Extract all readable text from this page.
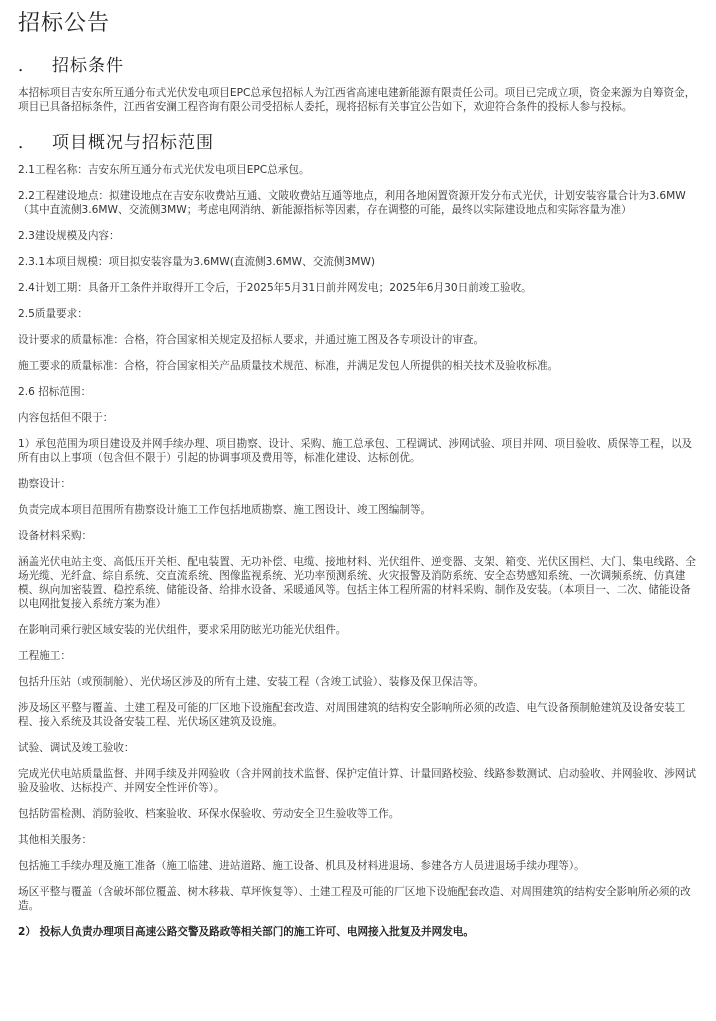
招标公告
． 招标条件

本招标项目吉安东所互通分布式光伏发电项目EPC总承包招标人为江西省高速电建新能源有限责任公司。项目已完成立项，资金来源为自筹资金，项目已具备招标条件，江西省安澜工程咨询有限公司受招标人委托，现将招标有关事宜公告如下，欢迎符合条件的投标人参与投标。

． 项目概况与招标范围

2.1工程名称：吉安东所互通分布式光伏发电项目EPC总承包。

2.2工程建设地点：拟建设地点在吉安东收费站互通、文陂收费站互通等地点，利用各地闲置资源开发分布式光伏，计划安装容量合计为3.6MW（其中直流侧3.6MW、交流侧3MW；考虑电网消纳、新能源指标等因素，存在调整的可能，最终以实际建设地点和实际容量为准）

2.3建设规模及内容：

2.3.1本项目规模：项目拟安装容量为3.6MW(直流侧3.6MW、交流侧3MW)

2.4计划工期：具备开工条件并取得开工令后，于2025年5月31日前并网发电；2025年6月30日前竣工验收。

2.5质量要求：

设计要求的质量标准：合格，符合国家相关规定及招标人要求，并通过施工图及各专项设计的审查。

施工要求的质量标准：合格，符合国家相关产品质量技术规范、标准，并满足发包人所提供的相关技术及验收标准。

2.6 招标范围：

内容包括但不限于：

1）承包范围为项目建设及并网手续办理、项目勘察、设计、采购、施工总承包、工程调试、涉网试验、项目并网、项目验收、质保等工程，以及所有由以上事项（包含但不限于）引起的协调事项及费用等，标准化建设、达标创优。

勘察设计：

负责完成本项目范围所有勘察设计施工工作包括地质勘察、施工图设计、竣工图编制等。

设备材料采购：

涵盖光伏电站主变、高低压开关柜、配电装置、无功补偿、电缆、接地材料、光伏组件、逆变器、支架、箱变、光伏区围栏、大门、集电线路、全场光缆、光纤盒、综自系统、交直流系统、图像监视系统、光功率预测系统、火灾报警及消防系统、安全态势感知系统、一次调频系统、仿真建模、纵向加密装置、稳控系统、储能设备、给排水设备、采暖通风等。包括主体工程所需的材料采购、制作及安装。（本项目一、二次、储能设备以电网批复接入系统方案为准）

在影响司乘行驶区域安装的光伏组件，要求采用防眩光功能光伏组件。

工程施工：

包括升压站（或预制舱）、光伏场区涉及的所有土建、安装工程（含竣工试验）、装修及保卫保洁等。

涉及场区平整与覆盖、土建工程及可能的厂区地下设施配套改造、对周围建筑的结构安全影响所必须的改造、电气设备预制舱建筑及设备安装工程、接入系统及其设备安装工程、光伏场区建筑及设施。

试验、调试及竣工验收：

完成光伏电站质量监督、并网手续及并网验收（含并网前技术监督、保护定值计算、计量回路校验、线路参数测试、启动验收、并网验收、涉网试验及验收、达标投产、并网安全性评价等）。

包括防雷检测、消防验收、档案验收、环保水保验收、劳动安全卫生验收等工作。

其他相关服务：

包括施工手续办理及施工准备（施工临建、进站道路、施工设备、机具及材料进退场、参建各方人员进退场手续办理等）。

场区平整与覆盖（含破坏部位覆盖、树木移栽、草坪恢复等）、土建工程及可能的厂区地下设施配套改造、对周围建筑的结构安全影响所必须的改造。

2） 投标人负责办理项目高速公路交警及路政等相关部门的施工许可、电网接入批复及并网发电。
